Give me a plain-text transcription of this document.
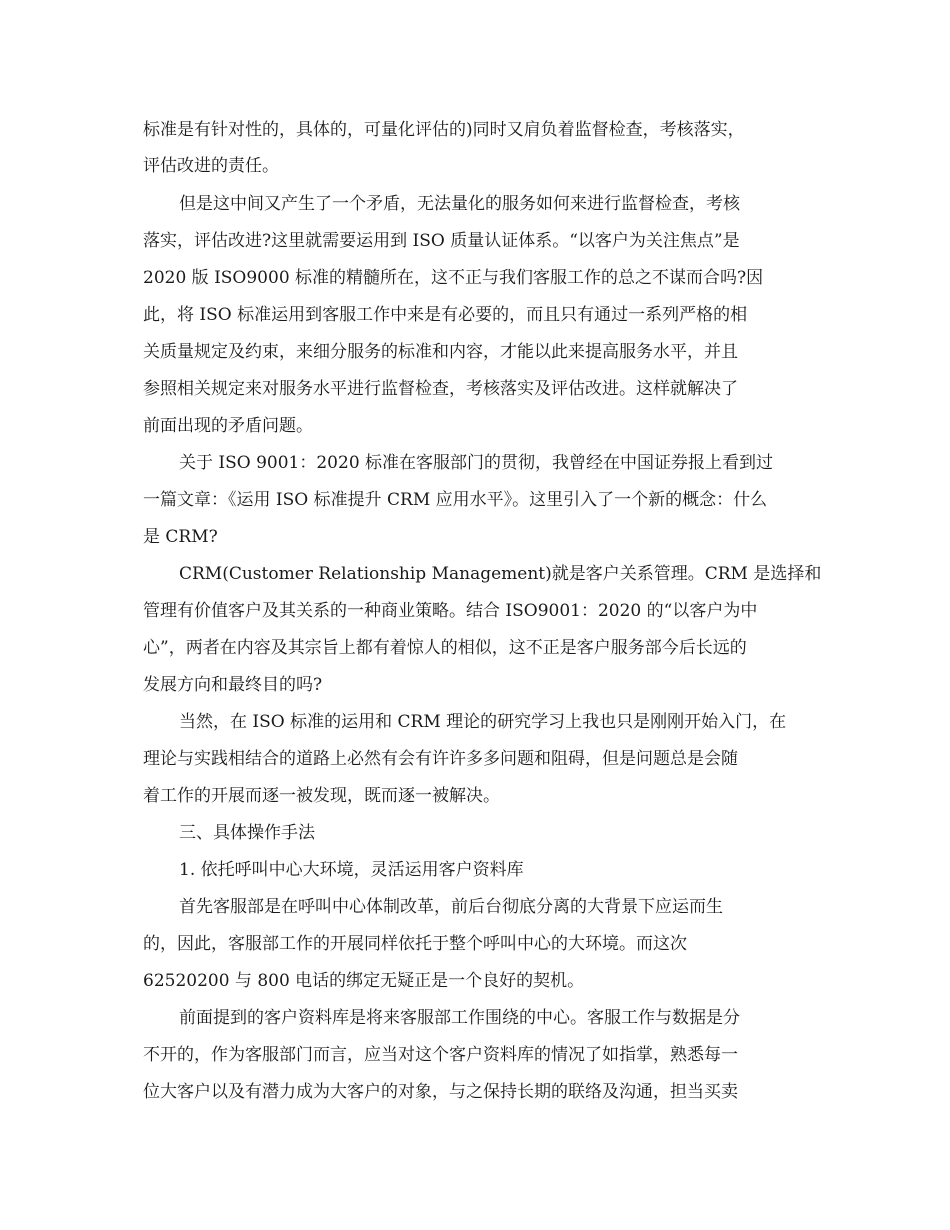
标准是有针对性的，具体的，可量化评估的)同时又肩负着监督检查，考核落实，

评估改进的责任。

但是这中间又产生了一个矛盾，无法量化的服务如何来进行监督检查，考核

落实，评估改进?这里就需要运用到 ISO 质量认证体系。“以客户为关注焦点”是

2020 版 ISO9000 标准的精髓所在，这不正与我们客服工作的总之不谋而合吗?因

此，将 ISO 标准运用到客服工作中来是有必要的，而且只有通过一系列严格的相

关质量规定及约束，来细分服务的标准和内容，才能以此来提高服务水平，并且

参照相关规定来对服务水平进行监督检查，考核落实及评估改进。这样就解决了

前面出现的矛盾问题。

关于 ISO 9001：2020 标准在客服部门的贯彻，我曾经在中国证券报上看到过

一篇文章：《运用 ISO 标准提升 CRM 应用水平》。这里引入了一个新的概念：什么

是 CRM?

CRM(Customer Relationship Management)就是客户关系管理。CRM 是选择和

管理有价值客户及其关系的一种商业策略。结合 ISO9001：2020 的“以客户为中

心”，两者在内容及其宗旨上都有着惊人的相似，这不正是客户服务部今后长远的

发展方向和最终目的吗?

当然，在 ISO 标准的运用和 CRM 理论的研究学习上我也只是刚刚开始入门，在

理论与实践相结合的道路上必然有会有许许多多问题和阻碍，但是问题总是会随

着工作的开展而逐一被发现，既而逐一被解决。

三、具体操作手法

1. 依托呼叫中心大环境，灵活运用客户资料库

首先客服部是在呼叫中心体制改革，前后台彻底分离的大背景下应运而生

的，因此，客服部工作的开展同样依托于整个呼叫中心的大环境。而这次

62520200 与 800 电话的绑定无疑正是一个良好的契机。

前面提到的客户资料库是将来客服部工作围绕的中心。客服工作与数据是分

不开的，作为客服部门而言，应当对这个客户资料库的情况了如指掌，熟悉每一

位大客户以及有潜力成为大客户的对象，与之保持长期的联络及沟通，担当买卖
